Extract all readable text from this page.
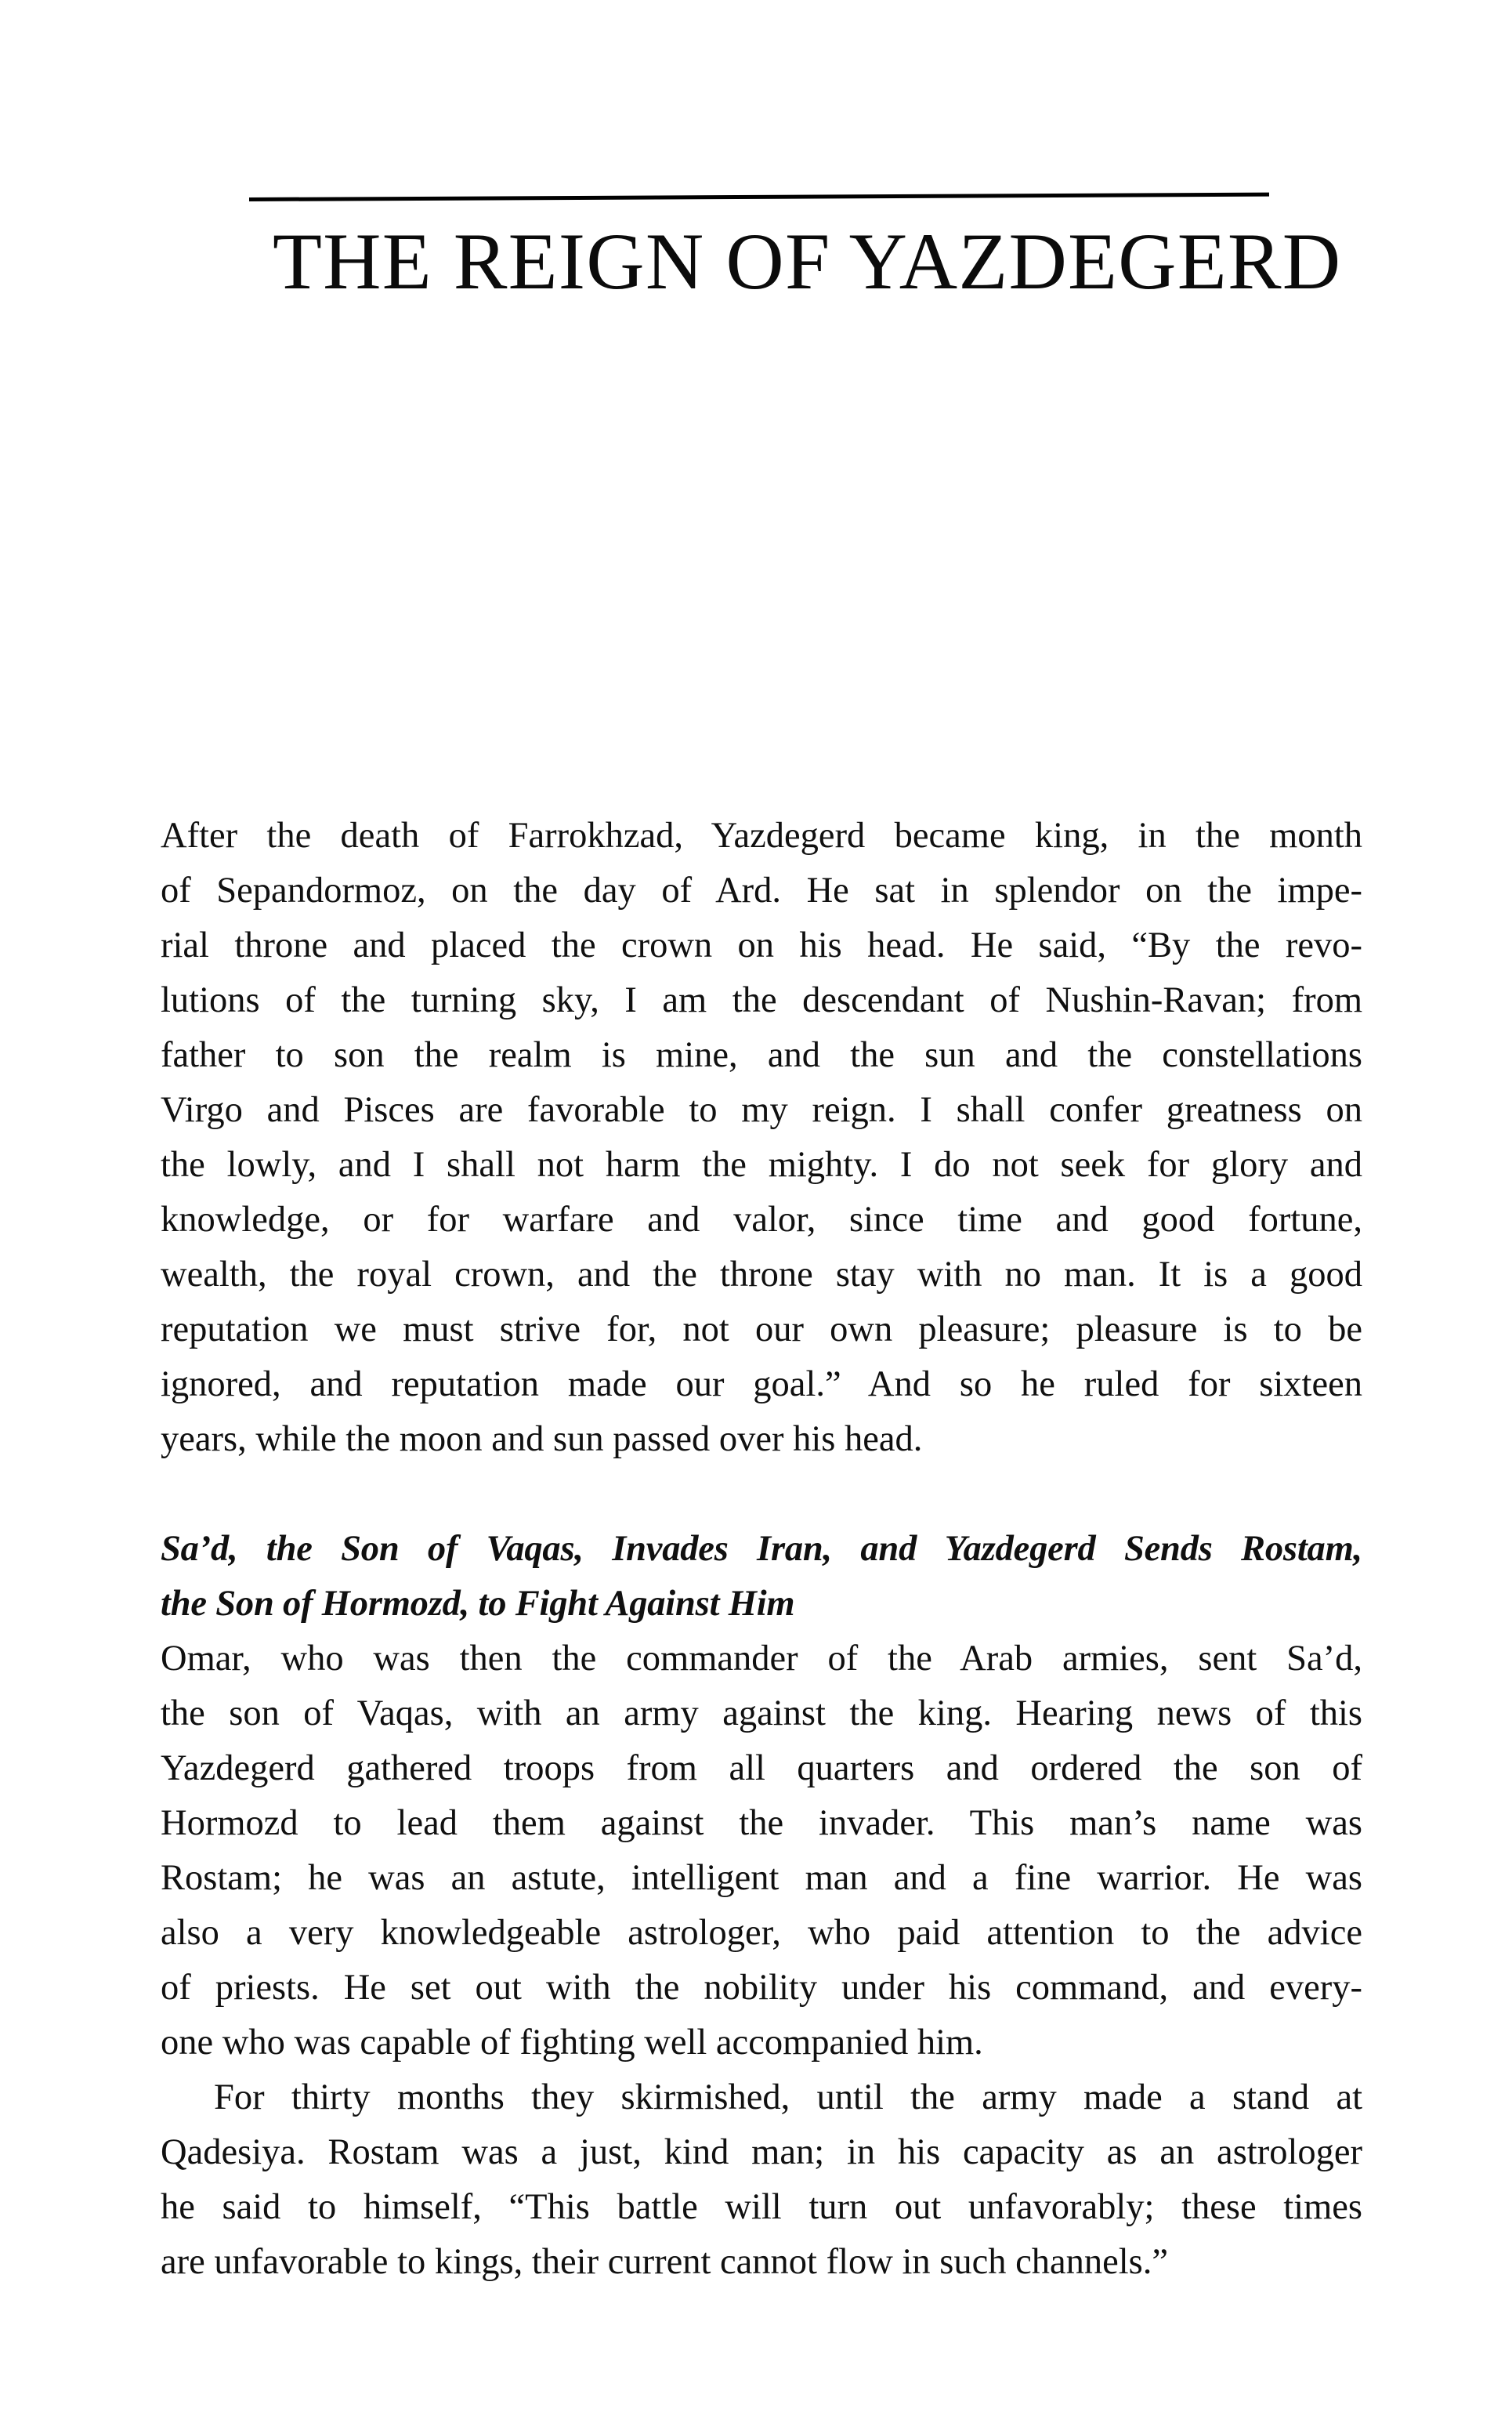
THE REIGN OF YAZDEGERD

After the death of Farrokhzad, Yazdegerd became king, in the month
of Sepandormoz, on the day of Ard. He sat in splendor on the impe-
rial throne and placed the crown on his head. He said, “By the revo-
lutions of the turning sky, I am the descendant of Nushin-Ravan; from
father to son the realm is mine, and the sun and the constellations
Virgo and Pisces are favorable to my reign. I shall confer greatness on
the lowly, and I shall not harm the mighty. I do not seek for glory and
knowledge, or for warfare and valor, since time and good fortune,
wealth, the royal crown, and the throne stay with no man. It is a good
reputation we must strive for, not our own pleasure; pleasure is to be
ignored, and reputation made our goal.” And so he ruled for sixteen
years, while the moon and sun passed over his head.

Sa’d, the Son of Vaqas, Invades Iran, and Yazdegerd Sends Rostam,
the Son of Hormozd, to Fight Against Him

Omar, who was then the commander of the Arab armies, sent Sa’d,
the son of Vaqas, with an army against the king. Hearing news of this
Yazdegerd gathered troops from all quarters and ordered the son of
Hormozd to lead them against the invader. This man’s name was
Rostam; he was an astute, intelligent man and a fine warrior. He was
also a very knowledgeable astrologer, who paid attention to the advice
of priests. He set out with the nobility under his command, and every-
one who was capable of fighting well accompanied him.

For thirty months they skirmished, until the army made a stand at
Qadesiya. Rostam was a just, kind man; in his capacity as an astrologer
he said to himself, “This battle will turn out unfavorably; these times
are unfavorable to kings, their current cannot flow in such channels.”
